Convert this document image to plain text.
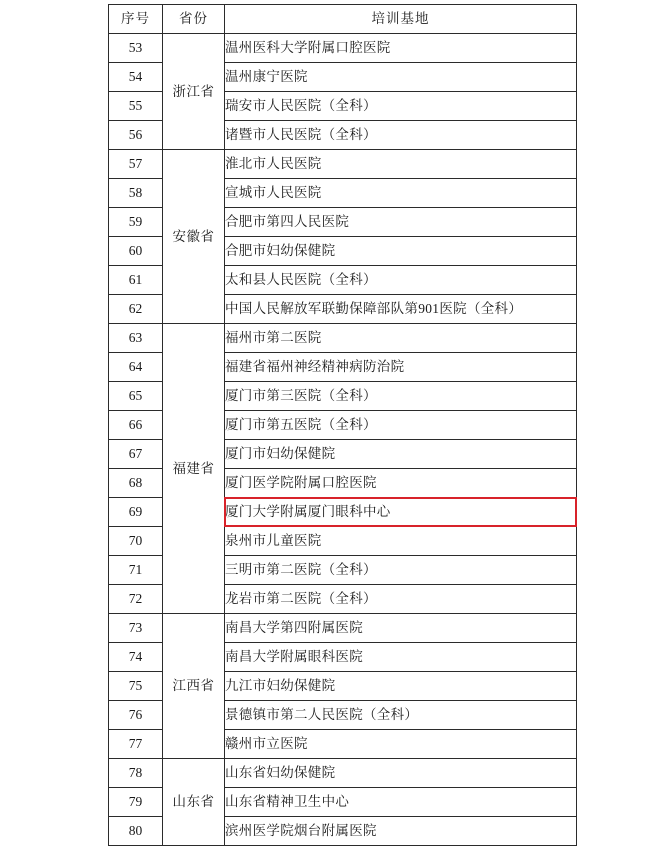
序号	省份	培训基地
53	浙江省	温州医科大学附属口腔医院
54		温州康宁医院
55		瑞安市人民医院（全科）
56		诸暨市人民医院（全科）
57	安徽省	淮北市人民医院
58		宣城市人民医院
59		合肥市第四人民医院
60		合肥市妇幼保健院
61		太和县人民医院（全科）
62		中国人民解放军联勤保障部队第901医院（全科）
63	福建省	福州市第二医院
64		福建省福州神经精神病防治院
65		厦门市第三医院（全科）
66		厦门市第五医院（全科）
67		厦门市妇幼保健院
68		厦门医学院附属口腔医院
69		厦门大学附属厦门眼科中心
70		泉州市儿童医院
71		三明市第二医院（全科）
72		龙岩市第二医院（全科）
73	江西省	南昌大学第四附属医院
74		南昌大学附属眼科医院
75		九江市妇幼保健院
76		景德镇市第二人民医院（全科）
77		赣州市立医院
78	山东省	山东省妇幼保健院
79		山东省精神卫生中心
80		滨州医学院烟台附属医院
